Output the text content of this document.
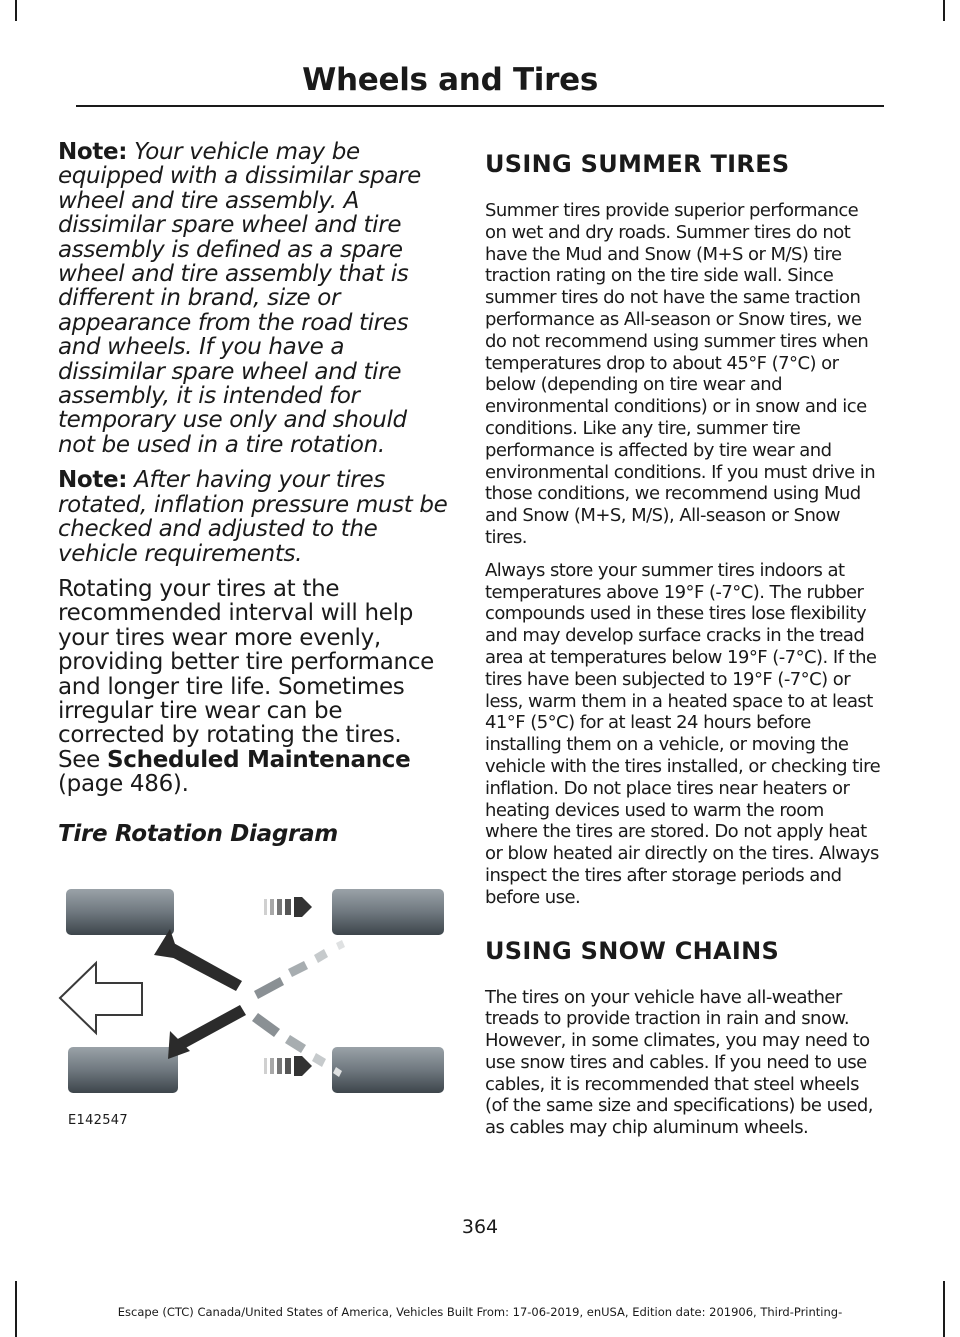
Wheels and Tires

Note: Your vehicle may be equipped with a dissimilar spare wheel and tire assembly. A dissimilar spare wheel and tire assembly is defined as a spare wheel and tire assembly that is different in brand, size or appearance from the road tires and wheels. If you have a dissimilar spare wheel and tire assembly, it is intended for temporary use only and should not be used in a tire rotation.

Note: After having your tires rotated, inflation pressure must be checked and adjusted to the vehicle requirements.

Rotating your tires at the recommended interval will help your tires wear more evenly, providing better tire performance and longer tire life. Sometimes irregular tire wear can be corrected by rotating the tires. See Scheduled Maintenance (page 486).

Tire Rotation Diagram
E142547
USING SUMMER TIRES

Summer tires provide superior performance on wet and dry roads. Summer tires do not have the Mud and Snow (M+S or M/S) tire traction rating on the tire side wall. Since summer tires do not have the same traction performance as All-season or Snow tires, we do not recommend using summer tires when temperatures drop to about 45°F (7°C) or below (depending on tire wear and environmental conditions) or in snow and ice conditions. Like any tire, summer tire performance is affected by tire wear and environmental conditions. If you must drive in those conditions, we recommend using Mud and Snow (M+S, M/S), All-season or Snow tires.

Always store your summer tires indoors at temperatures above 19°F (-7°C). The rubber compounds used in these tires lose flexibility and may develop surface cracks in the tread area at temperatures below 19°F (-7°C). If the tires have been subjected to 19°F (-7°C) or less, warm them in a heated space to at least 41°F (5°C) for at least 24 hours before installing them on a vehicle, or moving the vehicle with the tires installed, or checking tire inflation. Do not place tires near heaters or heating devices used to warm the room where the tires are stored. Do not apply heat or blow heated air directly on the tires. Always inspect the tires after storage periods and before use.

USING SNOW CHAINS

The tires on your vehicle have all-weather treads to provide traction in rain and snow. However, in some climates, you may need to use snow tires and cables. If you need to use cables, it is recommended that steel wheels (of the same size and specifications) be used, as cables may chip aluminum wheels.

364
Escape (CTC) Canada/United States of America, Vehicles Built From: 17-06-2019, enUSA, Edition date: 201906, Third-Printing-
